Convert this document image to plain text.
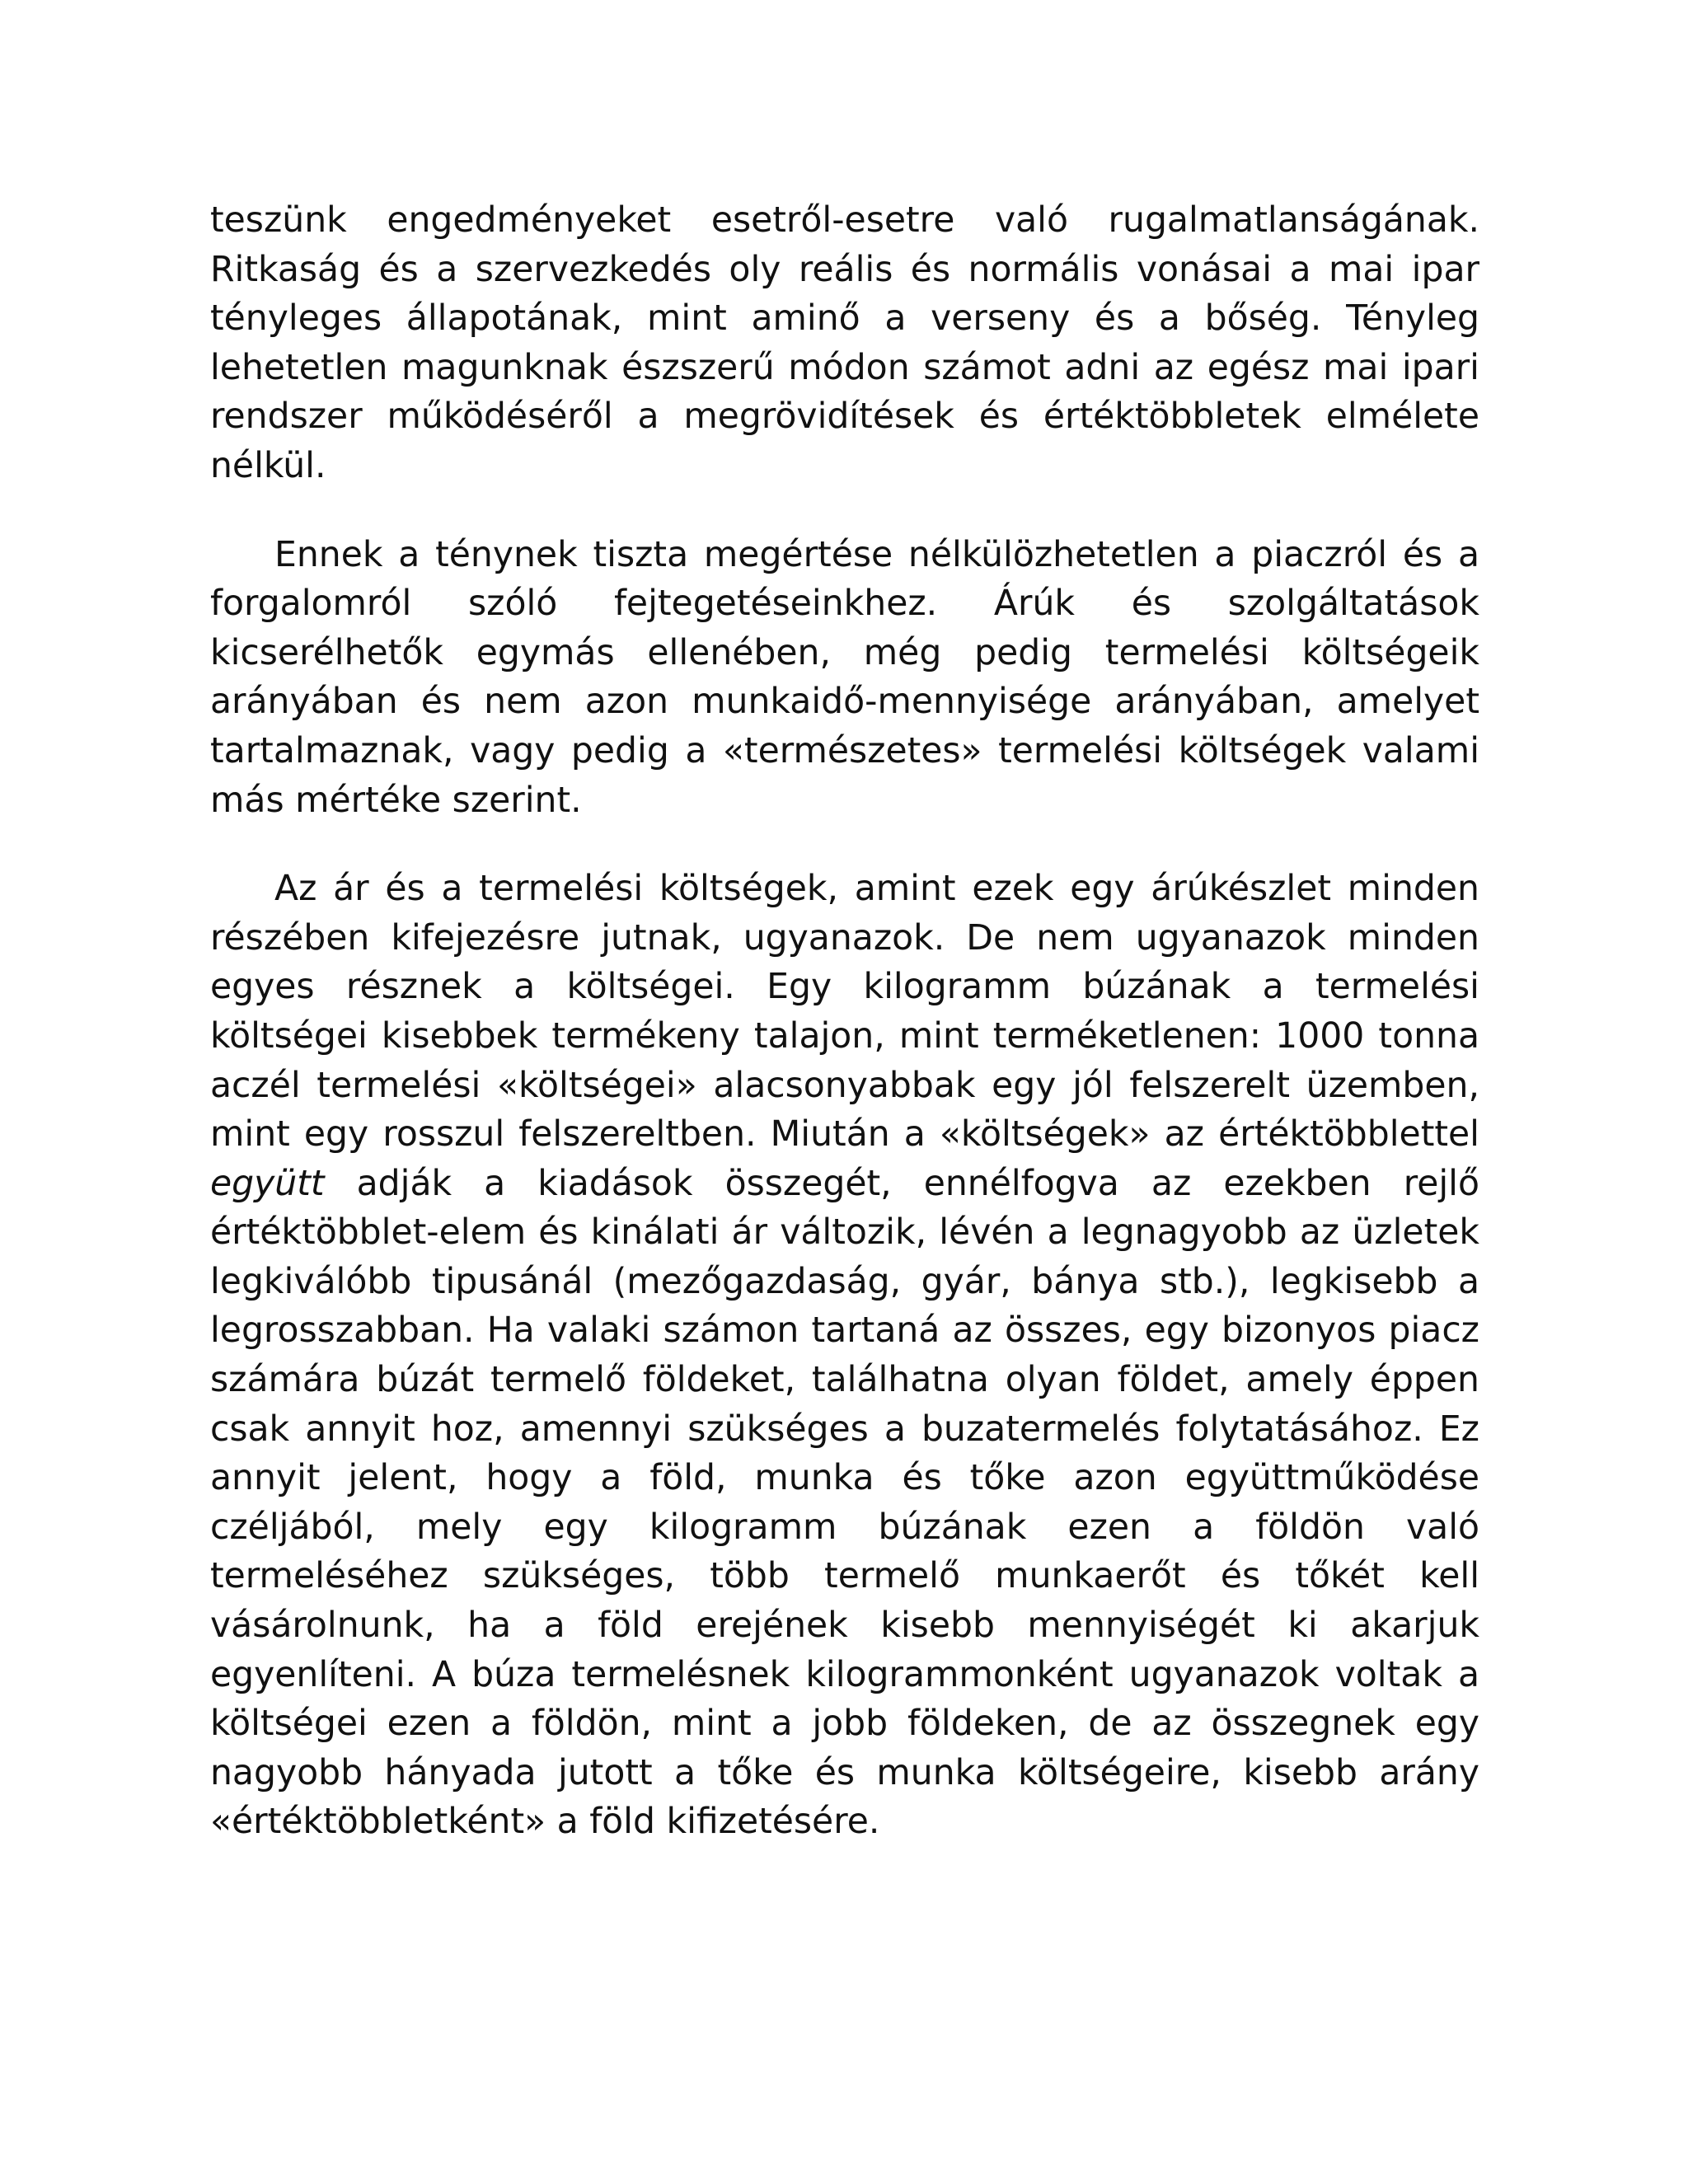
teszünk engedményeket esetről-esetre való rugalmatlanságának. Ritkaság és a szervezkedés oly reális és normális vonásai a mai ipar tényleges állapotának, mint aminő a verseny és a bőség. Tényleg lehetetlen magunknak észszerű módon számot adni az egész mai ipari rendszer működéséről a megrövidítések és értéktöbbletek elmélete nélkül.

Ennek a ténynek tiszta megértése nélkülözhetetlen a piaczról és a forgalomról szóló fejtegetéseinkhez. Árúk és szolgáltatások kicserélhetők egymás ellenében, még pedig termelési költségeik arányában és nem azon munkaidő-mennyisége arányában, amelyet tartalmaznak, vagy pedig a «természetes» termelési költségek valami más mértéke szerint.

Az ár és a termelési költségek, amint ezek egy árúkészlet minden részében kifejezésre jutnak, ugyanazok. De nem ugyanazok minden egyes résznek a költségei. Egy kilogramm búzának a termelési költségei kisebbek termékeny talajon, mint terméketlenen: 1000 tonna aczél termelési «költségei» alacsonyabbak egy jól felszerelt üzemben, mint egy rosszul felszereltben. Miután a «költségek» az értéktöbblettel együtt adják a kiadások összegét, ennélfogva az ezekben rejlő értéktöbblet-elem és kinálati ár változik, lévén a legnagyobb az üzletek legkiválóbb tipusánál (mezőgazdaság, gyár, bánya stb.), legkisebb a legrosszabban. Ha valaki számon tartaná az összes, egy bizonyos piacz számára búzát termelő földeket, találhatna olyan földet, amely éppen csak annyit hoz, amennyi szükséges a buzatermelés folytatásához. Ez annyit jelent, hogy a föld, munka és tőke azon együttműködése czéljából, mely egy kilogramm búzának ezen a földön való termeléséhez szükséges, több termelő munkaerőt és tőkét kell vásárolnunk, ha a föld erejének kisebb mennyiségét ki akarjuk egyenlíteni. A búza termelésnek kilogrammonként ugyanazok voltak a költségei ezen a földön, mint a jobb földeken, de az összegnek egy nagyobb hányada jutott a tőke és munka költségeire, kisebb arány «értéktöbbletként» a föld kifizetésére.
